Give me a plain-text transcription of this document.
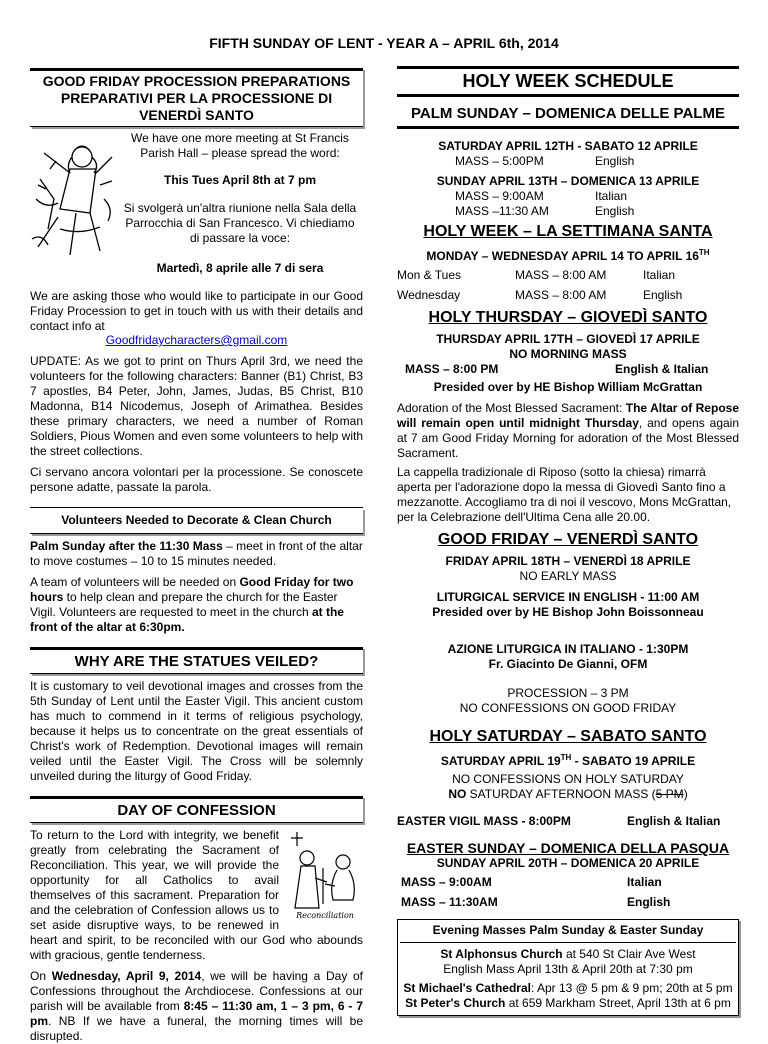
FIFTH SUNDAY OF LENT - YEAR A – APRIL 6th, 2014
GOOD FRIDAY PROCESSION PREPARATIONS PREPARATIVI PER LA PROCESSIONE DI VENERDÌ SANTO
We have one more meeting at St Francis Parish Hall – please spread the word:
This Tues April 8th at 7 pm
Si svolgerà un'altra riunione nella Sala della Parrocchia di San Francesco. Vi chiediamo di passare la voce:
Martedì, 8 aprile alle 7 di sera
We are asking those who would like to participate in our Good Friday Procession to get in touch with us with their details and contact info at
Goodfridaycharacters@gmail.com

UPDATE: As we got to print on Thurs April 3rd, we need the volunteers for the following characters: Banner (B1) Christ, B3 7 apostles, B4 Peter, John, James, Judas, B5 Christ, B10 Madonna, B14 Nicodemus, Joseph of Arimathea. Besides these primary characters, we need a number of Roman Soldiers, Pious Women and even some volunteers to help with the street collections.

Ci servano ancora volontari per la processione. Se conoscete persone adatte, passate la parola.

Volunteers Needed to Decorate & Clean Church

Palm Sunday after the 11:30 Mass – meet in front of the altar to move costumes – 10 to 15 minutes needed.

A team of volunteers will be needed on Good Friday for two hours to help clean and prepare the church for the Easter Vigil. Volunteers are requested to meet in the church at the front of the altar at 6:30pm.

WHY ARE THE STATUES VEILED?

It is customary to veil devotional images and crosses from the 5th Sunday of Lent until the Easter Vigil. This ancient custom has much to commend in it terms of religious psychology, because it helps us to concentrate on the great essentials of Christ's work of Redemption. Devotional images will remain veiled until the Easter Vigil. The Cross will be solemnly unveiled during the liturgy of Good Friday.

DAY OF CONFESSION
Reconciliation

To return to the Lord with integrity, we benefit greatly from celebrating the Sacrament of Reconciliation. This year, we will provide the opportunity for all Catholics to avail themselves of this sacrament. Preparation for and the celebration of Confession allows us to set aside disruptive ways, to be renewed in heart and spirit, to be reconciled with our God who abounds with gracious, gentle tenderness.

On Wednesday, April 9, 2014, we will be having a Day of Confessions throughout the Archdiocese. Confessions at our parish will be available from 8:45 – 11:30 am, 1 – 3 pm, 6 - 7 pm. NB If we have a funeral, the morning times will be disrupted.

HOLY WEEK SCHEDULE
PALM SUNDAY – DOMENICA DELLE PALME
SATURDAY APRIL 12TH - SABATO 12 APRILE
MASS – 5:00PM	English
SUNDAY APRIL 13TH – DOMENICA 13 APRILE
MASS – 9:00AM	Italian
MASS –11:30 AM	English
HOLY WEEK – LA SETTIMANA SANTA
MONDAY – WEDNESDAY APRIL 14 TO APRIL 16TH
Mon & Tues	MASS – 8:00 AM	Italian
Wednesday	MASS – 8:00 AM	English
HOLY THURSDAY – GIOVEDÌ SANTO
THURSDAY APRIL 17TH – GIOVEDÌ 17 APRILE
NO MORNING MASS
MASS – 8:00 PM	English & Italian
Presided over by HE Bishop William McGrattan

Adoration of the Most Blessed Sacrament: The Altar of Repose will remain open until midnight Thursday, and opens again at 7 am Good Friday Morning for adoration of the Most Blessed Sacrament.

La cappella tradizionale di Riposo (sotto la chiesa) rimarrà aperta per l'adorazione dopo la messa di Giovedì Santo fino a mezzanotte. Accogliamo tra di noi il vescovo, Mons McGrattan, per la Celebrazione dell'Ultima Cena alle 20.00.

GOOD FRIDAY – VENERDÌ SANTO
FRIDAY APRIL 18TH – VENERDÌ 18 APRILE
NO EARLY MASS
LITURGICAL SERVICE IN ENGLISH - 11:00 AM
Presided over by HE Bishop John Boissonneau
AZIONE LITURGICA IN ITALIANO - 1:30PM
Fr. Giacinto De Gianni, OFM
PROCESSION – 3 PM
NO CONFESSIONS ON GOOD FRIDAY
HOLY SATURDAY – SABATO SANTO
SATURDAY APRIL 19TH - SABATO 19 APRILE
NO CONFESSIONS ON HOLY SATURDAY
NO SATURDAY AFTERNOON MASS (5 PM)
EASTER VIGIL MASS - 8:00PM	English & Italian
EASTER SUNDAY – DOMENICA DELLA PASQUA
SUNDAY APRIL 20TH – DOMENICA 20 APRILE
MASS – 9:00AM	Italian
MASS – 11:30AM	English
Evening Masses Palm Sunday & Easter Sunday
St Alphonsus Church at 540 St Clair Ave West
English Mass April 13th & April 20th at 7:30 pm
St Michael's Cathedral: Apr 13 @ 5 pm & 9 pm; 20th at 5 pm
St Peter's Church at 659 Markham Street, April 13th at 6 pm
